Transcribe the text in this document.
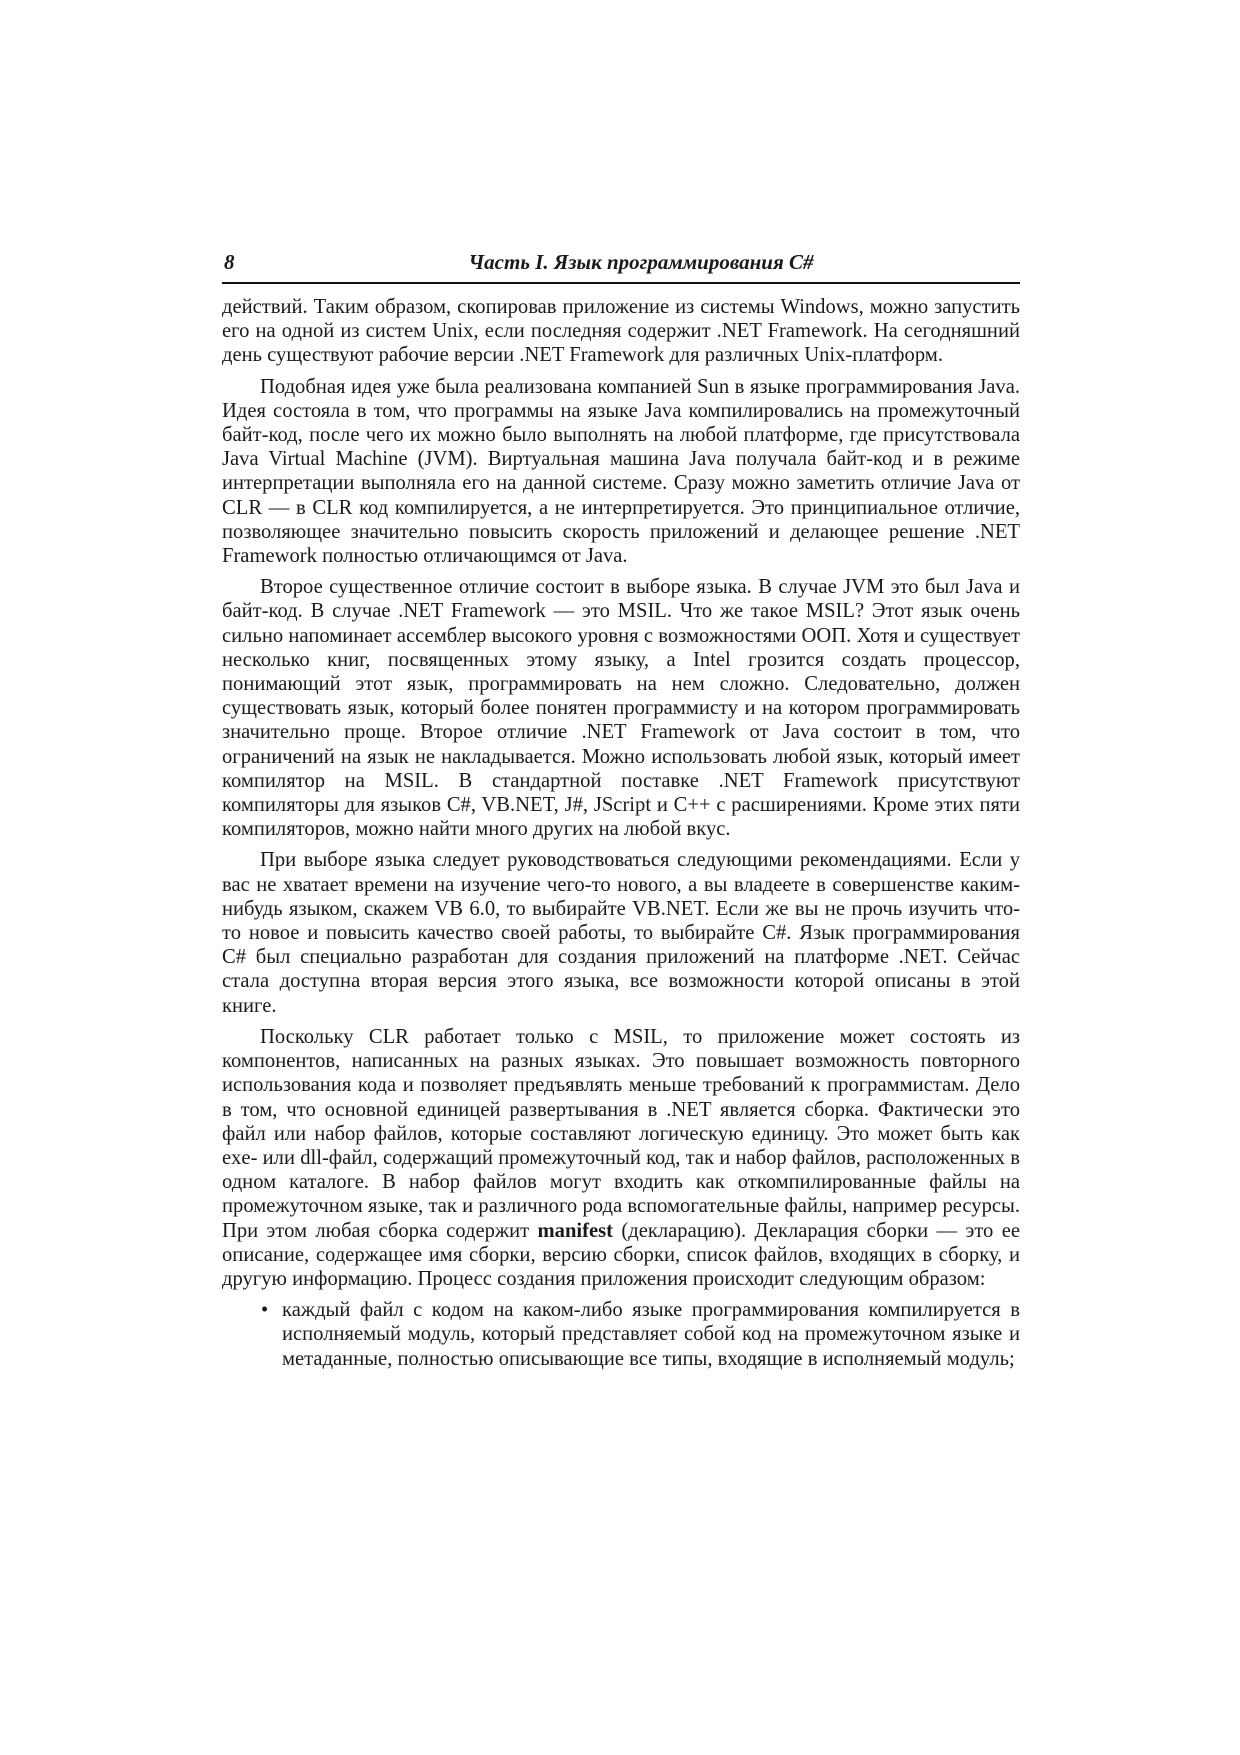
8	Часть I. Язык программирования C#

действий. Таким образом, скопировав приложение из системы Windows, можно запустить его на одной из систем Unix, если последняя содержит .NET Framework. На сегодняшний день существуют рабочие версии .NET Framework для различных Unix-платформ.

Подобная идея уже была реализована компанией Sun в языке программирования Java. Идея состояла в том, что программы на языке Java компилировались на промежуточный байт-код, после чего их можно было выполнять на любой платформе, где присутствовала Java Virtual Machine (JVM). Виртуальная машина Java получала байт-код и в режиме интерпретации выполняла его на данной системе. Сразу можно заметить отличие Java от CLR — в CLR код компилируется, а не интерпретируется. Это принципиальное отличие, позволяющее значительно повысить скорость приложений и делающее решение .NET Framework полностью отличающимся от Java.

Второе существенное отличие состоит в выборе языка. В случае JVM это был Java и байт-код. В случае .NET Framework — это MSIL. Что же такое MSIL? Этот язык очень сильно напоминает ассемблер высокого уровня с возможностями ООП. Хотя и существует несколько книг, посвященных этому языку, а Intel грозится создать процессор, понимающий этот язык, программировать на нем сложно. Следовательно, должен существовать язык, который более понятен программисту и на котором программировать значительно проще. Второе отличие .NET Framework от Java состоит в том, что ограничений на язык не накладывается. Можно использовать любой язык, который имеет компилятор на MSIL. В стандартной поставке .NET Framework присутствуют компиляторы для языков C#, VB.NET, J#, JScript и C++ с расширениями. Кроме этих пяти компиляторов, можно найти много других на любой вкус.

При выборе языка следует руководствоваться следующими рекомендациями. Если у вас не хватает времени на изучение чего-то нового, а вы владеете в совершенстве каким-нибудь языком, скажем VB 6.0, то выбирайте VB.NET. Если же вы не прочь изучить что-то новое и повысить качество своей работы, то выбирайте C#. Язык программирования C# был специально разработан для создания приложений на платформе .NET. Сейчас стала доступна вторая версия этого языка, все возможности которой описаны в этой книге.

Поскольку CLR работает только с MSIL, то приложение может состоять из компонентов, написанных на разных языках. Это повышает возможность повторного использования кода и позволяет предъявлять меньше требований к программистам. Дело в том, что основной единицей развертывания в .NET является сборка. Фактически это файл или набор файлов, которые составляют логическую единицу. Это может быть как exe- или dll-файл, содержащий промежуточный код, так и набор файлов, расположенных в одном каталоге. В набор файлов могут входить как откомпилированные файлы на промежуточном языке, так и различного рода вспомогательные файлы, например ресурсы. При этом любая сборка содержит manifest (декларацию). Декларация сборки — это ее описание, содержащее имя сборки, версию сборки, список файлов, входящих в сборку, и другую информацию. Процесс создания приложения происходит следующим образом:

• каждый файл с кодом на каком-либо языке программирования компилируется в исполняемый модуль, который представляет собой код на промежуточном языке и метаданные, полностью описывающие все типы, входящие в исполняемый модуль;
